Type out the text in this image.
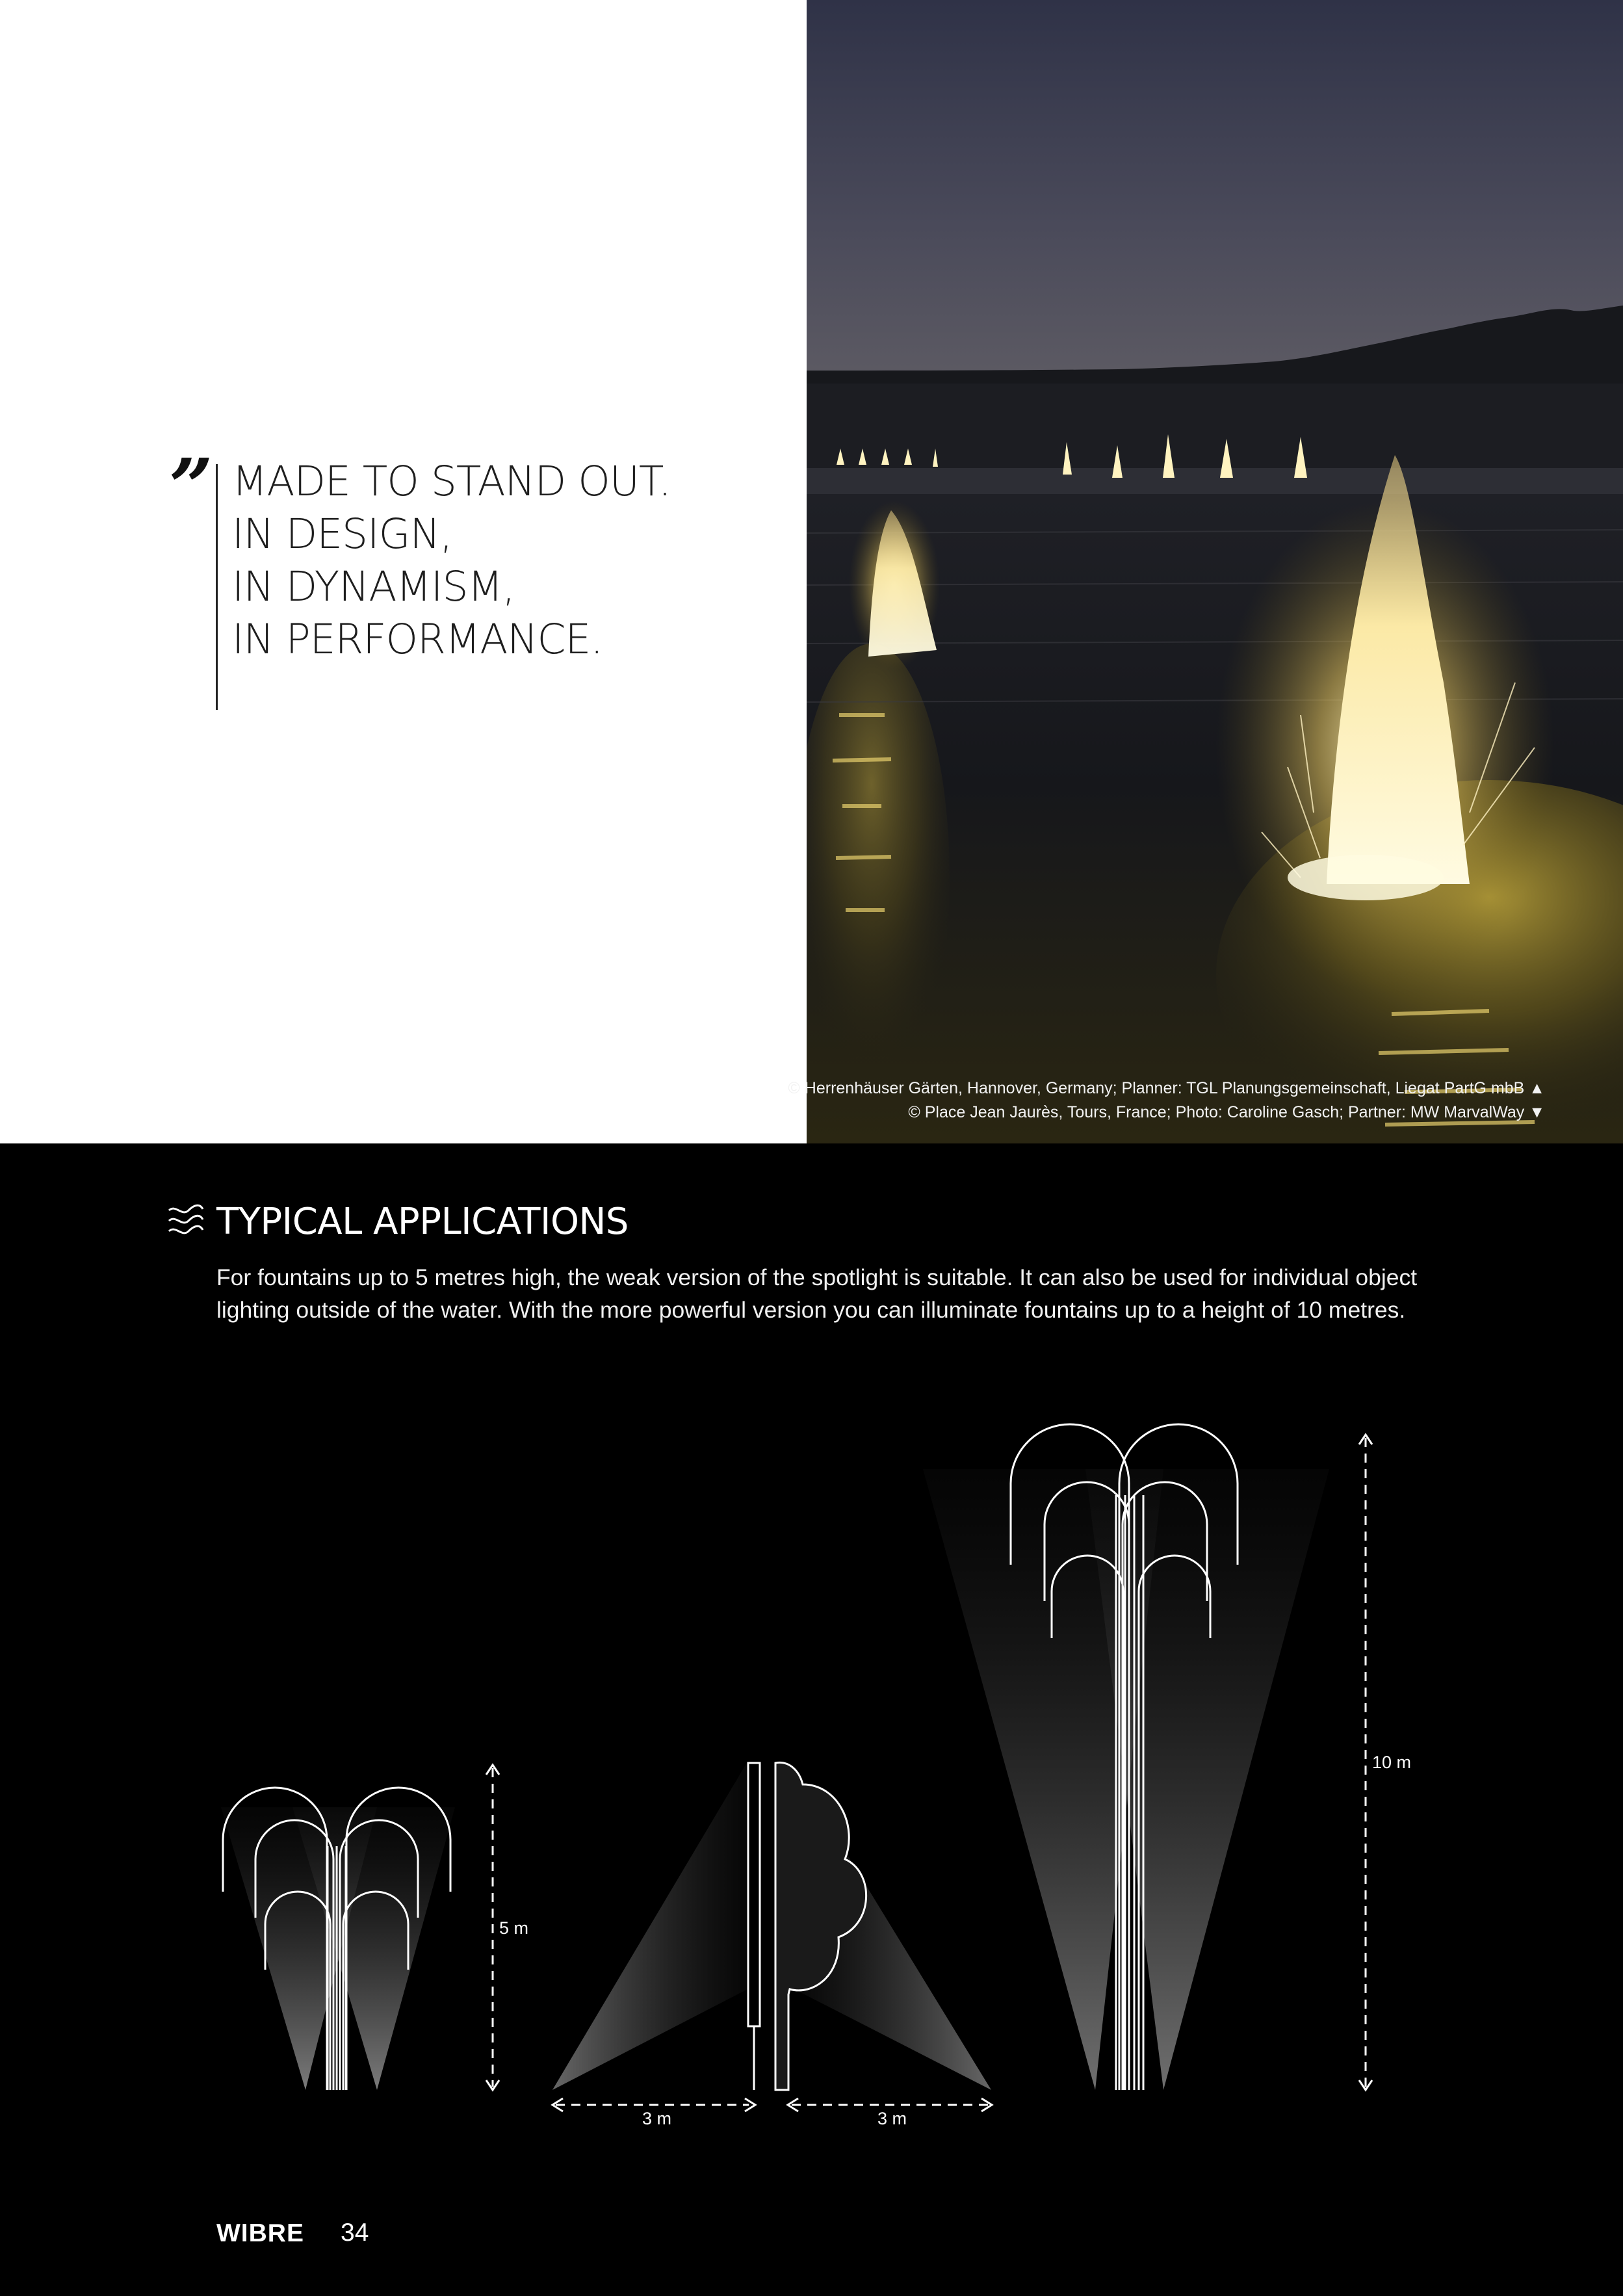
” MADE TO STAND OUT.
IN DESIGN,
IN DYNAMISM,
IN PERFORMANCE.
© Herrenhäuser Gärten, Hannover, Germany; Planner: TGL Planungsgemeinschaft, Liegat PartG mbB ▲
© Place Jean Jaurès, Tours, France; Photo: Caroline Gasch; Partner: MW MarvalWay ▼
TYPICAL APPLICATIONS
For fountains up to 5 metres high, the weak version of the spotlight is suitable. It can also be used for individual object
lighting outside of the water. With the more powerful version you can illuminate fountains up to a height of 10 metres.
5 m
3 m	3 m
10 m
WIBRE 34
